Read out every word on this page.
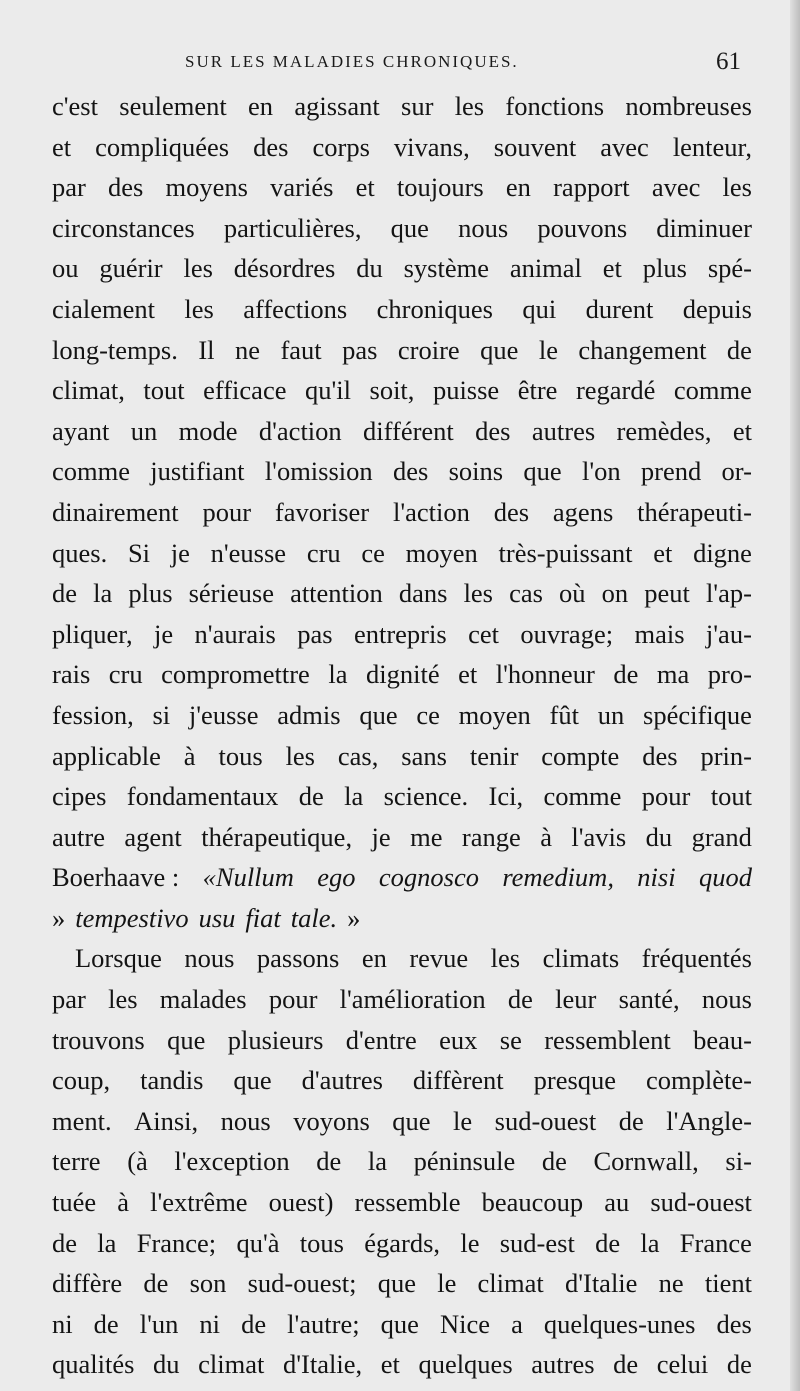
SUR LES MALADIES CHRONIQUES.	61
c'est seulement en agissant sur les fonctions nombreuses
et compliquées des corps vivans, souvent avec lenteur,
par des moyens variés et toujours en rapport avec les
circonstances particulières, que nous pouvons diminuer
ou guérir les désordres du système animal et plus spé-
cialement les affections chroniques qui durent depuis
long-temps. Il ne faut pas croire que le changement de
climat, tout efficace qu'il soit, puisse être regardé comme
ayant un mode d'action différent des autres remèdes, et
comme justifiant l'omission des soins que l'on prend or-
dinairement pour favoriser l'action des agens thérapeuti-
ques. Si je n'eusse cru ce moyen très-puissant et digne
de la plus sérieuse attention dans les cas où on peut l'ap-
pliquer, je n'aurais pas entrepris cet ouvrage; mais j'au-
rais cru compromettre la dignité et l'honneur de ma pro-
fession, si j'eusse admis que ce moyen fût un spécifique
applicable à tous les cas, sans tenir compte des prin-
cipes fondamentaux de la science. Ici, comme pour tout
autre agent thérapeutique, je me range à l'avis du grand
Boerhaave : «Nullum ego cognosco remedium, nisi quod
» tempestivo usu fiat tale. »
Lorsque nous passons en revue les climats fréquentés
par les malades pour l'amélioration de leur santé, nous
trouvons que plusieurs d'entre eux se ressemblent beau-
coup, tandis que d'autres diffèrent presque complète-
ment. Ainsi, nous voyons que le sud-ouest de l'Angle-
terre (à l'exception de la péninsule de Cornwall, si-
tuée à l'extrême ouest) ressemble beaucoup au sud-ouest
de la France; qu'à tous égards, le sud-est de la France
diffère de son sud-ouest; que le climat d'Italie ne tient
ni de l'un ni de l'autre; que Nice a quelques-unes des
qualités du climat d'Italie, et quelques autres de celui de
